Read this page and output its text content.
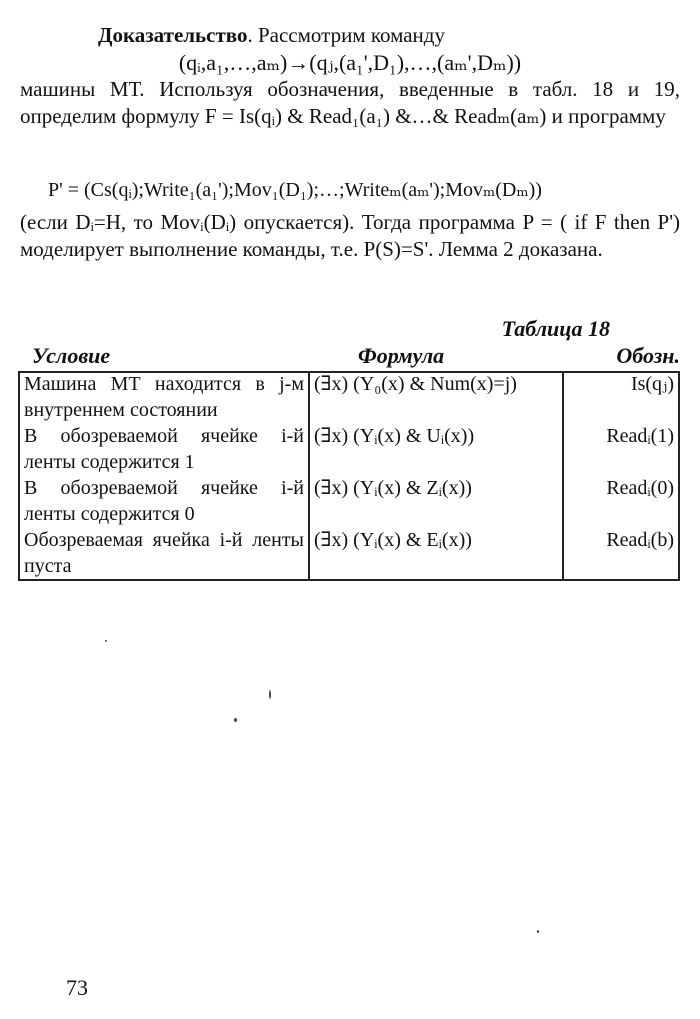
Доказательство. Рассмотрим команду
(qᵢ,a₁,…,aₘ)→(qⱼ,(a₁',D₁),…,(aₘ',Dₘ))
машины МТ. Используя обозначения, введенные в табл. 18 и 19, определим формулу F = Is(qᵢ) & Read₁(a₁) &…& Readₘ(aₘ) и программу
P' = (Cs(qᵢ);Write₁(a₁');Mov₁(D₁);…;Writeₘ(aₘ');Movₘ(Dₘ))
(если Dᵢ=H, то Movᵢ(Dᵢ) опускается). Тогда программа P = ( if F then P') моделирует выполнение команды, т.е. P(S)=S'. Лемма 2 доказана.
Таблица 18
Условие	Формула	Обозн.
Машина МТ находится в j-м внутреннем состоянии	(∃x) (Y₀(x) & Num(x)=j)	Is(qⱼ)
В обозреваемой ячейке i-й ленты содержится 1	(∃x) (Yᵢ(x) & Uᵢ(x))	Readᵢ(1)
В обозреваемой ячейке i-й ленты содержится 0	(∃x) (Yᵢ(x) & Zᵢ(x))	Readᵢ(0)
Обозреваемая ячейка i-й ленты пуста	(∃x) (Yᵢ(x) & Eᵢ(x))	Readᵢ(b)
73
